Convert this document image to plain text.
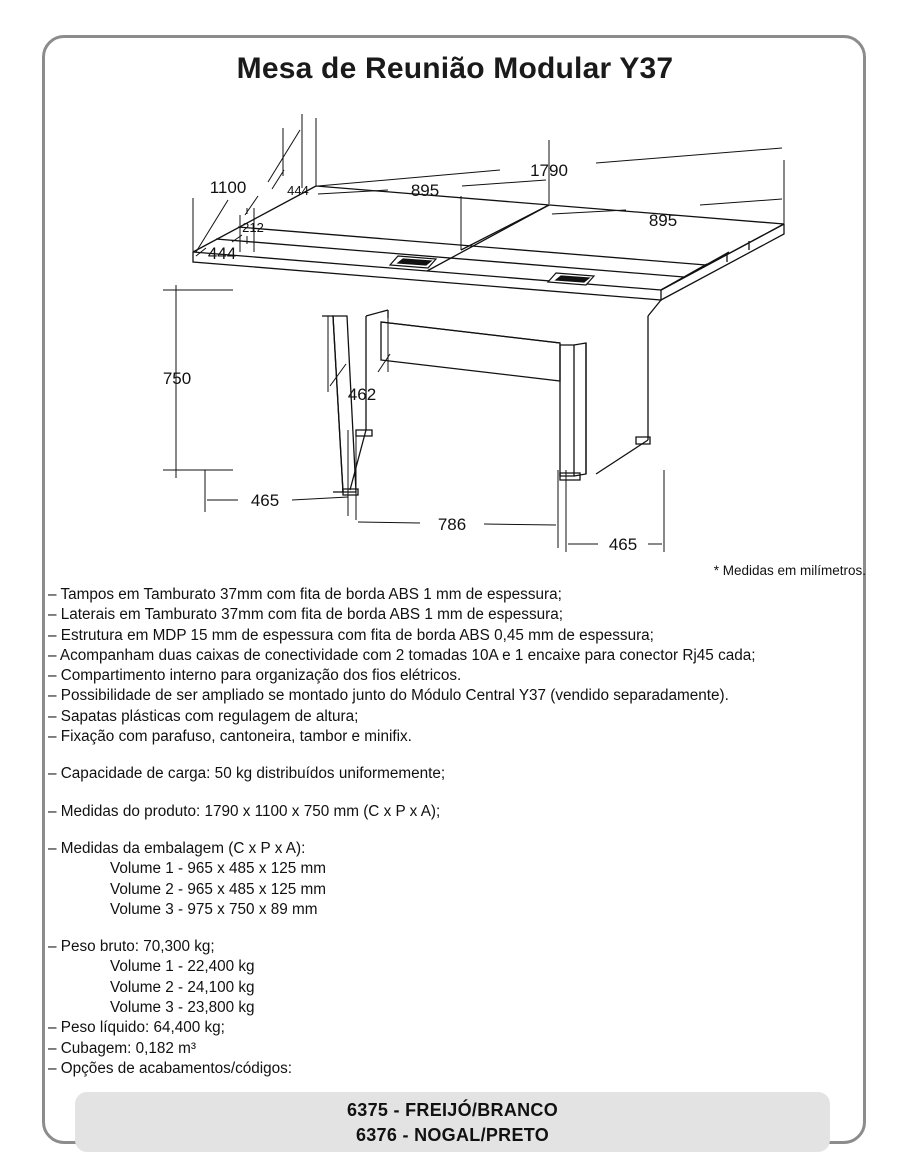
Mesa de Reunião Modular Y37
1100	444
212
444
1790
895
895
750
462
465
786
465
* Medidas em milímetros.
– Tampos em Tamburato 37mm com fita de borda ABS 1 mm de espessura;
– Laterais em Tamburato 37mm com fita de borda ABS 1 mm de espessura;
– Estrutura em MDP 15 mm de espessura com fita de borda ABS 0,45 mm de espessura;
– Acompanham duas caixas de conectividade com 2 tomadas 10A e 1 encaixe para conector Rj45 cada;
– Compartimento interno para organização dos fios elétricos.
– Possibilidade de ser ampliado se montado junto do Módulo Central Y37 (vendido separadamente).
– Sapatas plásticas com regulagem de altura;
– Fixação com parafuso, cantoneira, tambor e minifix.
– Capacidade de carga: 50 kg distribuídos uniformemente;
– Medidas do produto: 1790 x 1100 x 750 mm (C x P x A);
– Medidas da embalagem (C x P x A):
Volume 1 - 965 x 485 x 125 mm
Volume 2 - 965 x 485 x 125 mm
Volume 3 - 975 x 750 x 89 mm
– Peso bruto: 70,300 kg;
Volume 1 - 22,400 kg
Volume 2 - 24,100 kg
Volume 3 - 23,800 kg
– Peso líquido: 64,400 kg;
– Cubagem: 0,182 m³
– Opções de acabamentos/códigos:
6375 - FREIJÓ/BRANCO
6376 - NOGAL/PRETO
